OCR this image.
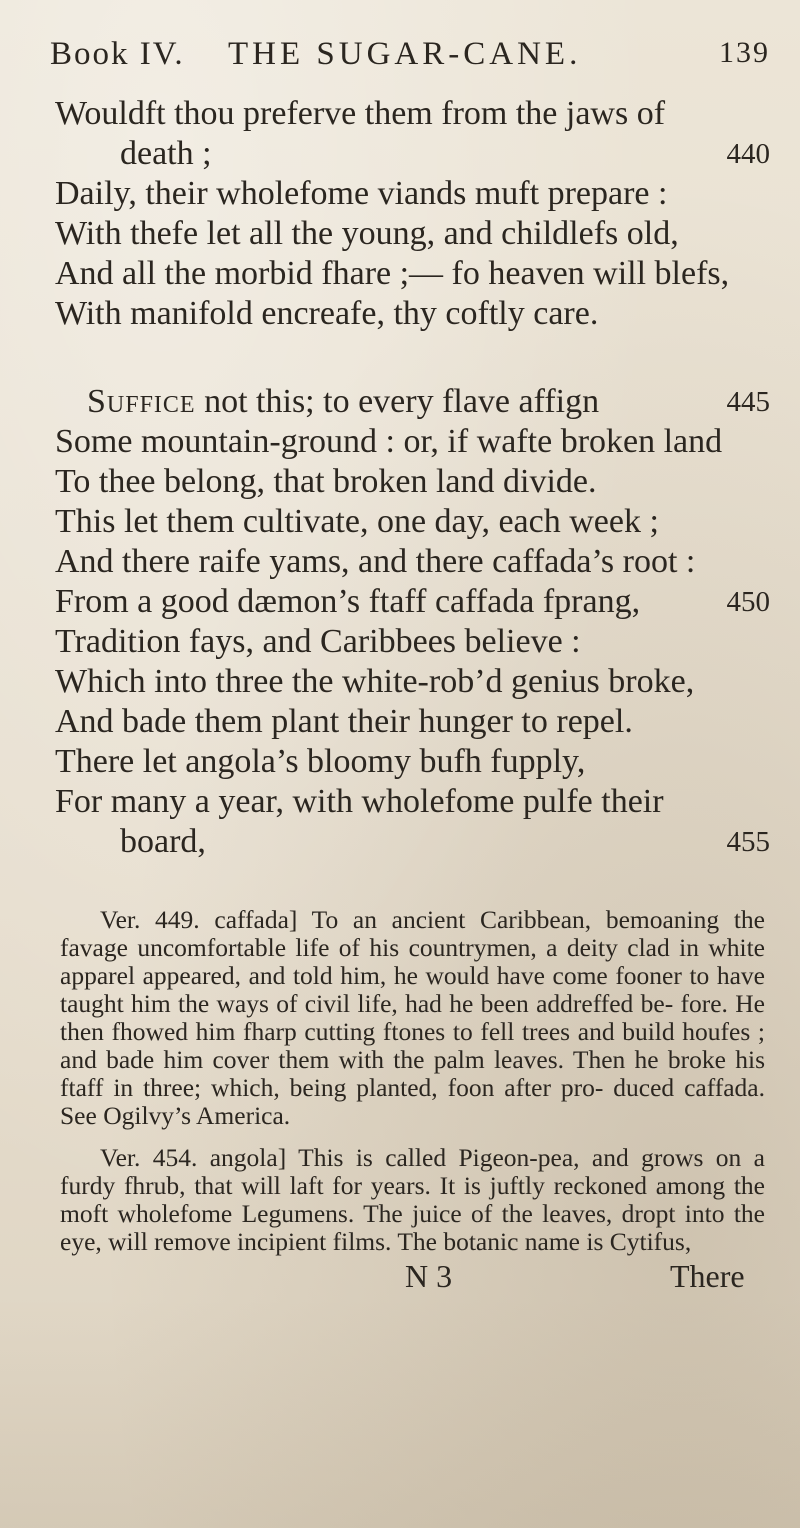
Book IV. THE SUGAR-CANE.	139
Wouldft thou preferve them from the jaws of
death ;	440
Daily, their wholefome viands muft prepare :
With thefe let all the young, and childlefs old,
And all the morbid fhare ;— fo heaven will blefs,
With manifold encreafe, thy coftly care.
Suffice not this; to every flave affign	445
Some mountain-ground : or, if wafte broken land
To thee belong, that broken land divide.
This let them cultivate, one day, each week ;
And there raife yams, and there caffada’s root :
From a good dæmon’s ftaff caffada fprang,	450
Tradition fays, and Caribbees believe :
Which into three the white-rob’d genius broke,
And bade them plant their hunger to repel.
There let angola’s bloomy bufh fupply,
For many a year, with wholefome pulfe their
board,	455
Ver. 449. caffada] To an ancient Caribbean, bemoaning the favage uncomfortable life of his countrymen, a deity clad in white apparel appeared, and told him, he would have come fooner to have taught him the ways of civil life, had he been addreffed be- fore. He then fhowed him fharp cutting ftones to fell trees and build houfes ; and bade him cover them with the palm leaves. Then he broke his ftaff in three; which, being planted, foon after pro- duced caffada. See Ogilvy’s America.
Ver. 454. angola] This is called Pigeon-pea, and grows on a furdy fhrub, that will laft for years. It is juftly reckoned among the moft wholefome Legumens. The juice of the leaves, dropt into the eye, will remove incipient films. The botanic name is Cytifus,
N 3	There
